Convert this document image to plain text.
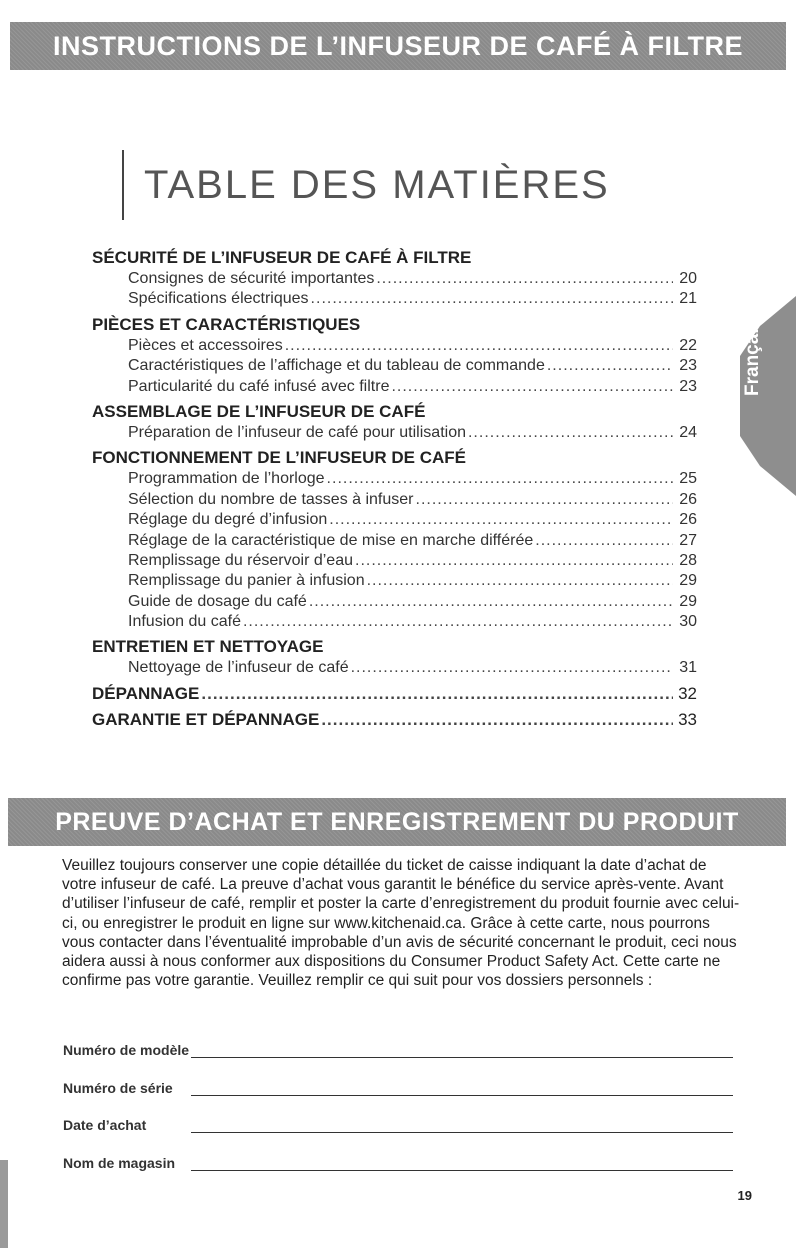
INSTRUCTIONS DE L’INFUSEUR DE CAFÉ À FILTRE
TABLE DES MATIÈRES
SÉCURITÉ DE L’INFUSEUR DE CAFÉ À FILTRE
Consignes de sécurité importantes .....	20
Spécifications électriques .....	21
PIÈCES ET CARACTÉRISTIQUES
Pièces et accessoires .....	22
Caractéristiques de l’affichage et du tableau de commande .....	23
Particularité du café infusé avec filtre .....	23
ASSEMBLAGE DE L’INFUSEUR DE CAFÉ
Préparation de l’infuseur de café pour utilisation .....	24
FONCTIONNEMENT DE L’INFUSEUR DE CAFÉ
Programmation de l’horloge .....	25
Sélection du nombre de tasses à infuser .....	26
Réglage du degré d’infusion .....	26
Réglage de la caractéristique de mise en marche différée .....	27
Remplissage du réservoir d’eau .....	28
Remplissage du panier à infusion .....	29
Guide de dosage du café .....	29
Infusion du café .....	30
ENTRETIEN ET NETTOYAGE
Nettoyage de l’infuseur de café .....	31
DÉPANNAGE .....	32
GARANTIE ET DÉPANNAGE .....	33
Français
PREUVE D’ACHAT ET ENREGISTREMENT DU PRODUIT
Veuillez toujours conserver une copie détaillée du ticket de caisse indiquant la date d’achat de votre infuseur de café. La preuve d’achat vous garantit le bénéfice du service après-vente. Avant d’utiliser l’infuseur de café, remplir et poster la carte d’enregistrement du produit fournie avec celui-ci, ou enregistrer le produit en ligne sur www.kitchenaid.ca. Grâce à cette carte, nous pourrons vous contacter dans l’éventualité improbable d’un avis de sécurité concernant le produit, ceci nous aidera aussi à nous conformer aux dispositions du Consumer Product Safety Act. Cette carte ne confirme pas votre garantie. Veuillez remplir ce qui suit pour vos dossiers personnels :
Numéro de modèle
Numéro de série
Date d’achat
Nom de magasin
19
